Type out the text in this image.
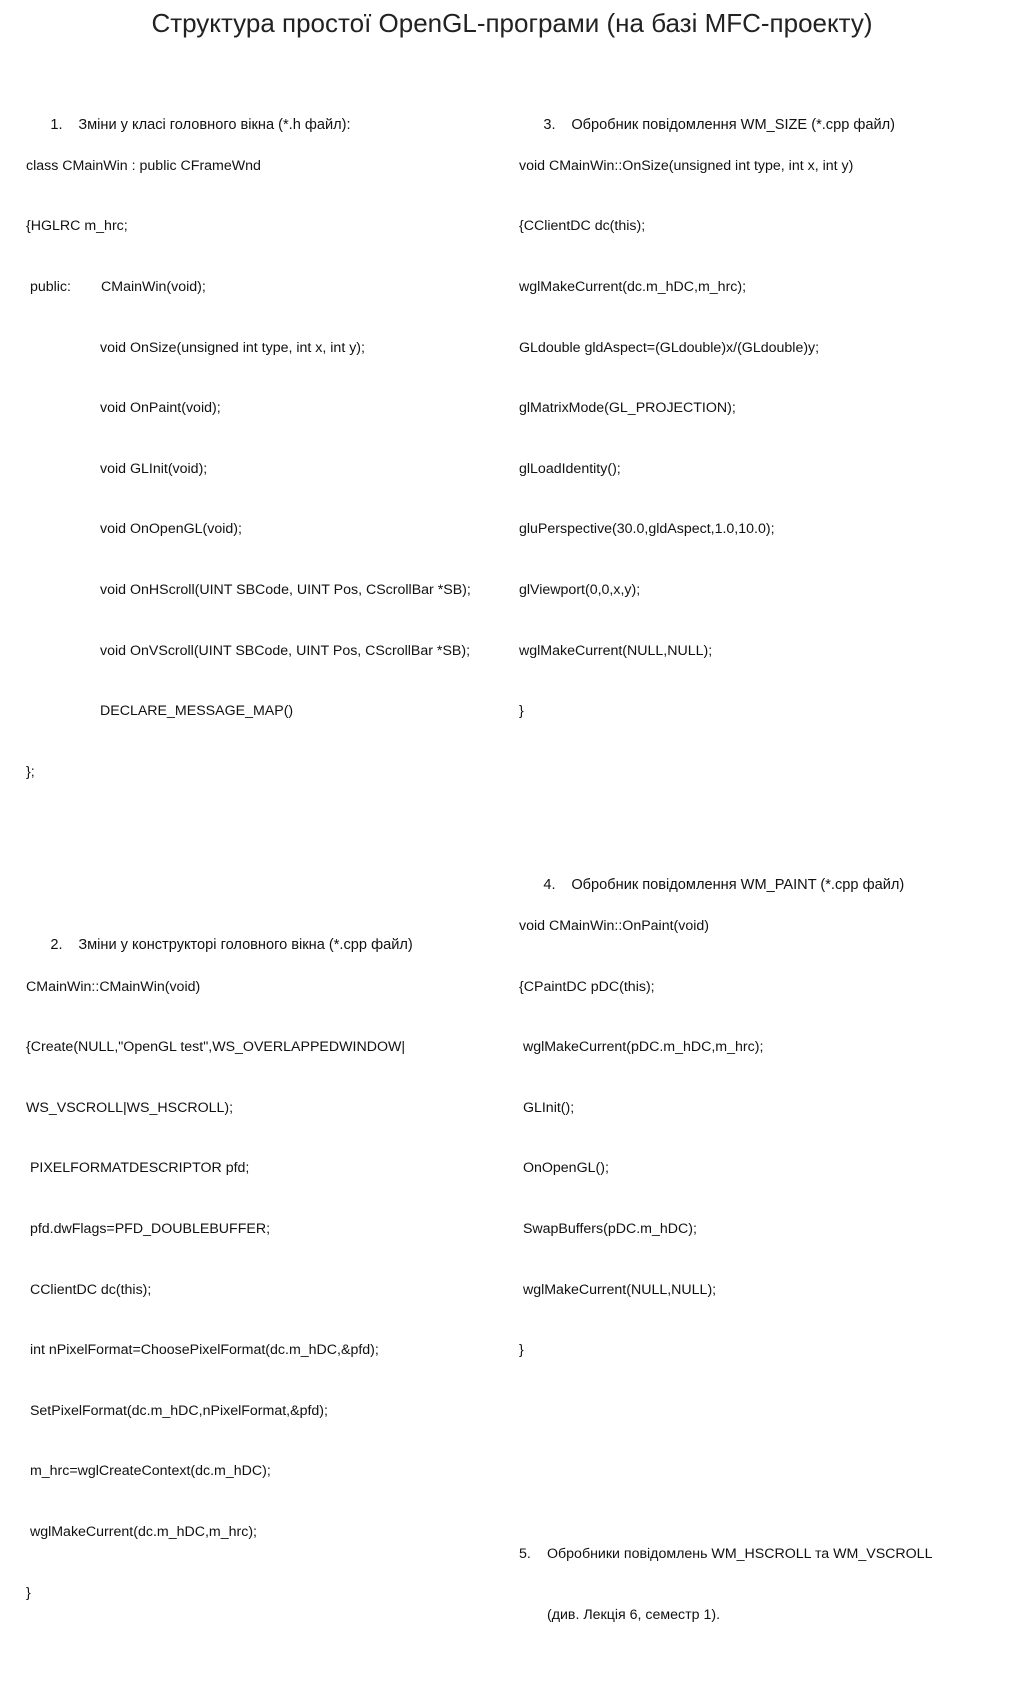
Структура простої OpenGL-програми (на базі MFC-проекту)

1. Зміни у класі головного вікна (*.h файл):

class CMainWin : public CFrameWnd

{HGLRC m_hrc;

public: CMainWin(void);

void OnSize(unsigned int type, int x, int y);

void OnPaint(void);

void GLInit(void);

void OnOpenGL(void);

void OnHScroll(UINT SBCode, UINT Pos, CScrollBar *SB);

void OnVScroll(UINT SBCode, UINT Pos, CScrollBar *SB);

DECLARE_MESSAGE_MAP()

};

2. Зміни у конструкторі головного вікна (*.cpp файл)

CMainWin::CMainWin(void)

{Create(NULL,"OpenGL test",WS_OVERLAPPEDWINDOW|

WS_VSCROLL|WS_HSCROLL);

PIXELFORMATDESCRIPTOR pfd;

pfd.dwFlags=PFD_DOUBLEBUFFER;

CClientDC dc(this);

int nPixelFormat=ChoosePixelFormat(dc.m_hDC,&pfd);

SetPixelFormat(dc.m_hDC,nPixelFormat,&pfd);

m_hrc=wglCreateContext(dc.m_hDC);

wglMakeCurrent(dc.m_hDC,m_hrc);

}

3. Обробник повідомлення WM_SIZE (*.cpp файл)

void CMainWin::OnSize(unsigned int type, int x, int y)

{CClientDC dc(this);

wglMakeCurrent(dc.m_hDC,m_hrc);

GLdouble gldAspect=(GLdouble)x/(GLdouble)y;

glMatrixMode(GL_PROJECTION);

glLoadIdentity();

gluPerspective(30.0,gldAspect,1.0,10.0);

glViewport(0,0,x,y);

wglMakeCurrent(NULL,NULL);

}

4. Обробник повідомлення WM_PAINT (*.cpp файл)

void CMainWin::OnPaint(void)

{CPaintDC pDC(this);

wglMakeCurrent(pDC.m_hDC,m_hrc);

GLInit();

OnOpenGL();

SwapBuffers(pDC.m_hDC);

wglMakeCurrent(NULL,NULL);

}

5. Обробники повідомлень WM_HSCROLL та WM_VSCROLL

(див. Лекція 6, семестр 1).
